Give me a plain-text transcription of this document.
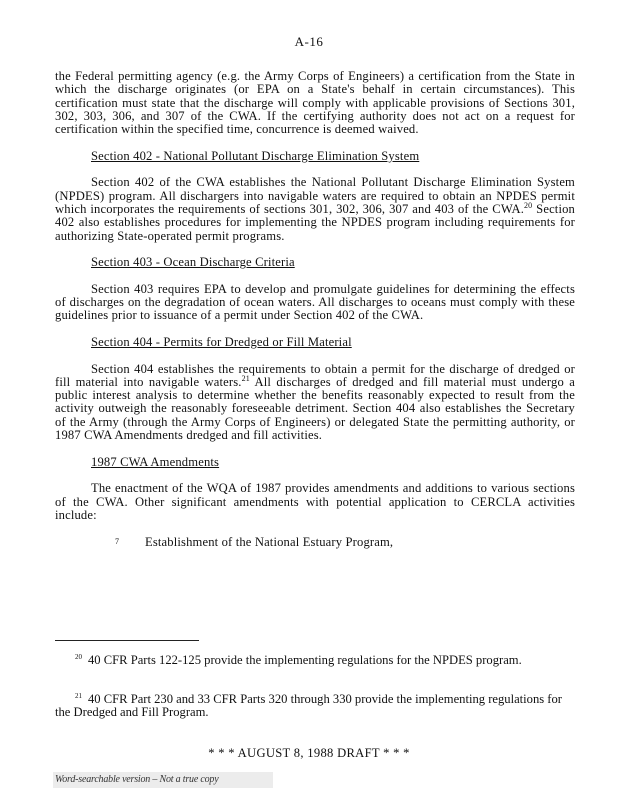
A-16

the Federal permitting agency (e.g. the Army Corps of Engineers) a certification from the State in which the discharge originates (or EPA on a State's behalf in certain circumstances). This certification must state that the discharge will comply with applicable provisions of Sections 301, 302, 303, 306, and 307 of the CWA. If the certifying authority does not act on a request for certification within the specified time, concurrence is deemed waived.

Section 402 - National Pollutant Discharge Elimination System

Section 402 of the CWA establishes the National Pollutant Discharge Elimination System (NPDES) program. All dischargers into navigable waters are required to obtain an NPDES permit which incorporates the requirements of sections 301, 302, 306, 307 and 403 of the CWA.$^{20}$ Section 402 also establishes procedures for implementing the NPDES program including requirements for authorizing State-operated permit programs.

Section 403 - Ocean Discharge Criteria

Section 403 requires EPA to develop and promulgate guidelines for determining the effects of discharges on the degradation of ocean waters. All discharges to oceans must comply with these guidelines prior to issuance of a permit under Section 402 of the CWA.

Section 404 - Permits for Dredged or Fill Material

Section 404 establishes the requirements to obtain a permit for the discharge of dredged or fill material into navigable waters.$^{21}$ All discharges of dredged and fill material must undergo a public interest analysis to determine whether the benefits reasonably expected to result from the activity outweigh the reasonably foreseeable detriment. Section 404 also establishes the Secretary of the Army (through the Army Corps of Engineers) or delegated State the permitting authority, or 1987 CWA Amendments dredged and fill activities.

1987 CWA Amendments

The enactment of the WQA of 1987 provides amendments and additions to various sections of the CWA. Other significant amendments with potential application to CERCLA activities include:

7 Establishment of the National Estuary Program,

$^{20}$ 40 CFR Parts 122-125 provide the implementing regulations for the NPDES program.

$^{21}$ 40 CFR Part 230 and 33 CFR Parts 320 through 330 provide the implementing regulations for the Dredged and Fill Program.

* * * AUGUST 8, 1988 DRAFT * * *
Word-searchable version – Not a true copy
